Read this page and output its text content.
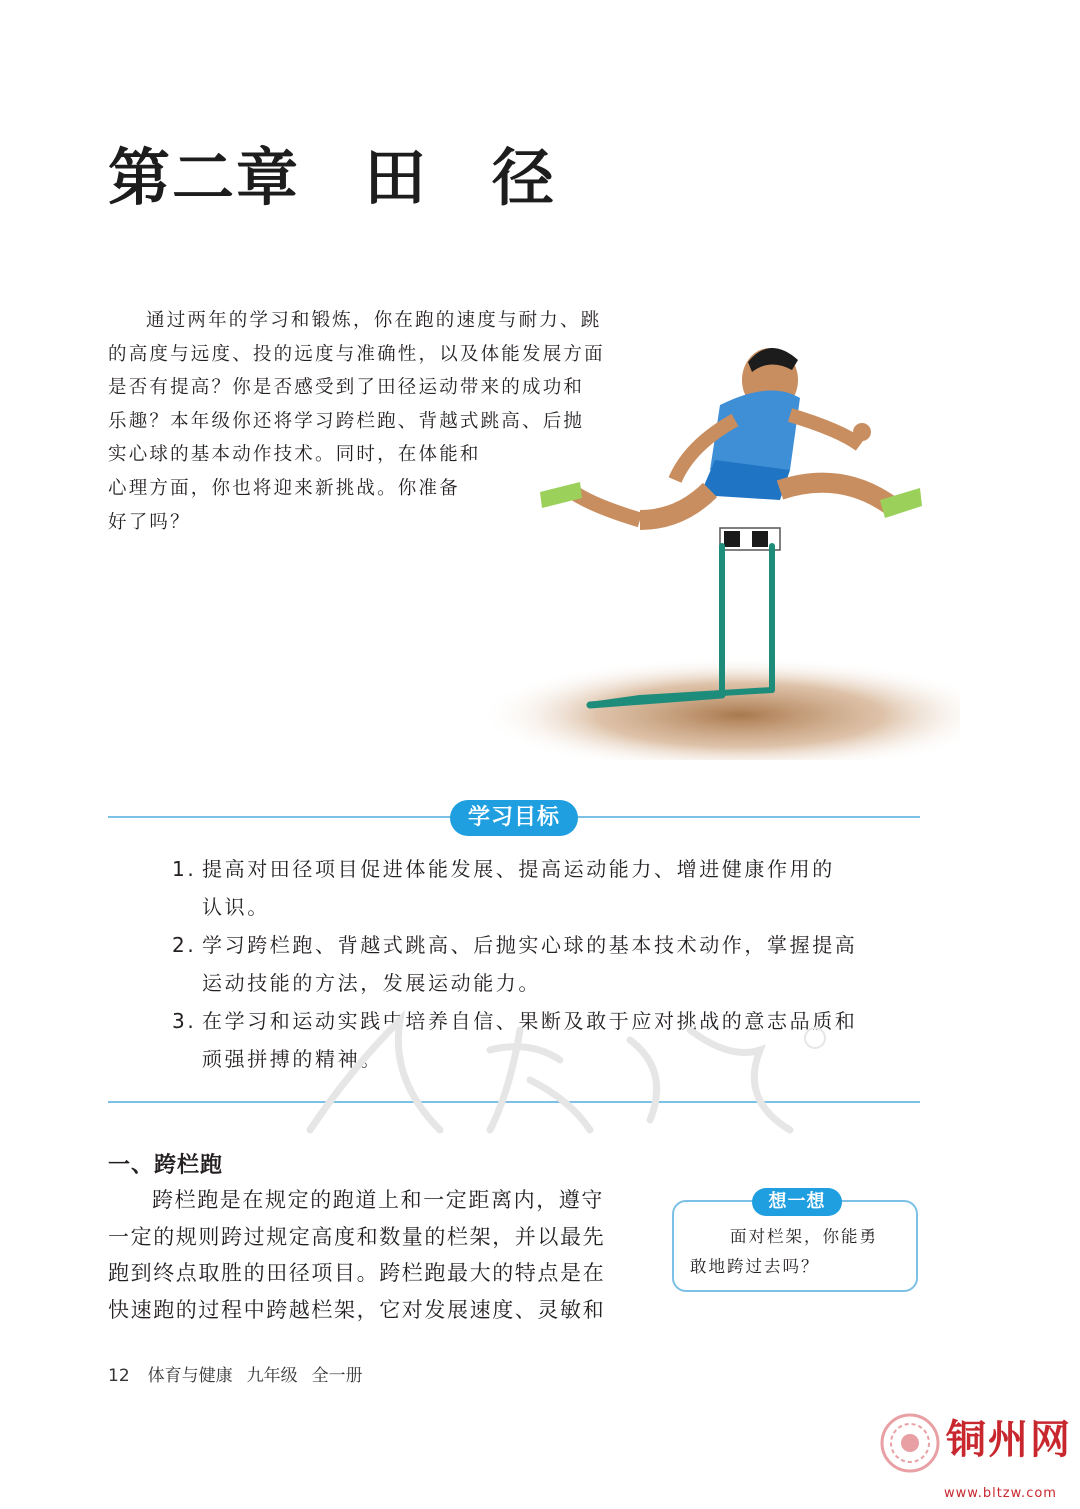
第二章　田　径

通过两年的学习和锻炼，你在跑的速度与耐力、跳

的高度与远度、投的远度与准确性，以及体能发展方面

是否有提高？你是否感受到了田径运动带来的成功和

乐趣？本年级你还将学习跨栏跑、背越式跳高、后抛

实心球的基本动作技术。同时，在体能和

心理方面，你也将迎来新挑战。你准备

好了吗？

学习目标
1. 提高对田径项目促进体能发展、提高运动能力、增进健康作用的
认识。
2. 学习跨栏跑、背越式跳高、后抛实心球的基本技术动作，掌握提高
运动技能的方法，发展运动能力。
3. 在学习和运动实践中培养自信、果断及敢于应对挑战的意志品质和
顽强拼搏的精神。
一、跨栏跑

跨栏跑是在规定的跑道上和一定距离内，遵守

一定的规则跨过规定高度和数量的栏架，并以最先

跑到终点取胜的田径项目。跨栏跑最大的特点是在

快速跑的过程中跨越栏架，它对发展速度、灵敏和

想一想

面对栏架，你能勇

敢地跨过去吗？

12 体育与健康 九年级 全一册
铜州网
www.bltzw.com
